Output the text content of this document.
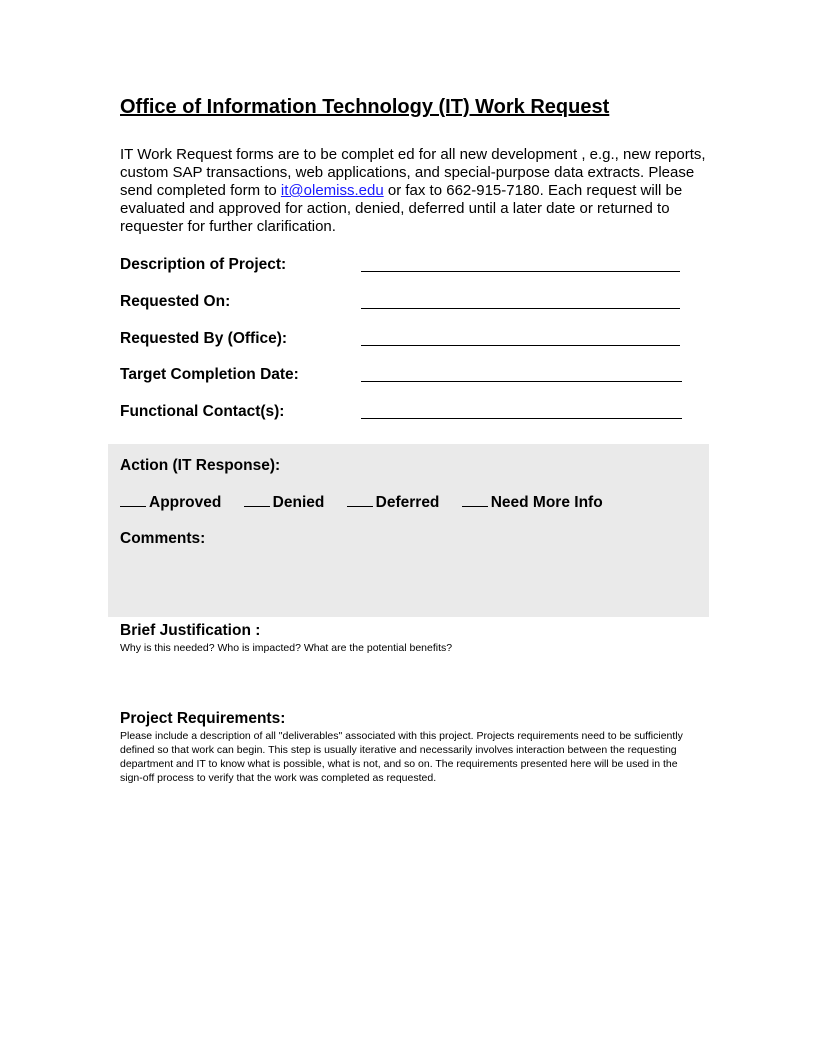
Office of Information Technology (IT) Work Request
IT Work Request forms are to be complet ed for all new development , e.g., new reports, custom SAP transactions, web applications, and special-purpose data extracts. Please send completed form to it@olemiss.edu or fax to 662-915-7180. Each request will be evaluated and approved for action, denied, deferred until a later date or returned to requester for further clarification.
Description of Project:
Requested On:
Requested By (Office):
Target Completion Date:
Functional Contact(s):
Action (IT Response):
Approved	Denied	Deferred	Need More Info
Comments:
Brief Justification :
Why is this needed? Who is impacted? What are the potential benefits?
Project Requirements:
Please include a description of all "deliverables" associated with this project. Projects requirements need to be sufficiently defined so that work can begin. This step is usually iterative and necessarily involves interaction between the requesting department and IT to know what is possible, what is not, and so on. The requirements presented here will be used in the sign-off process to verify that the work was completed as requested.
